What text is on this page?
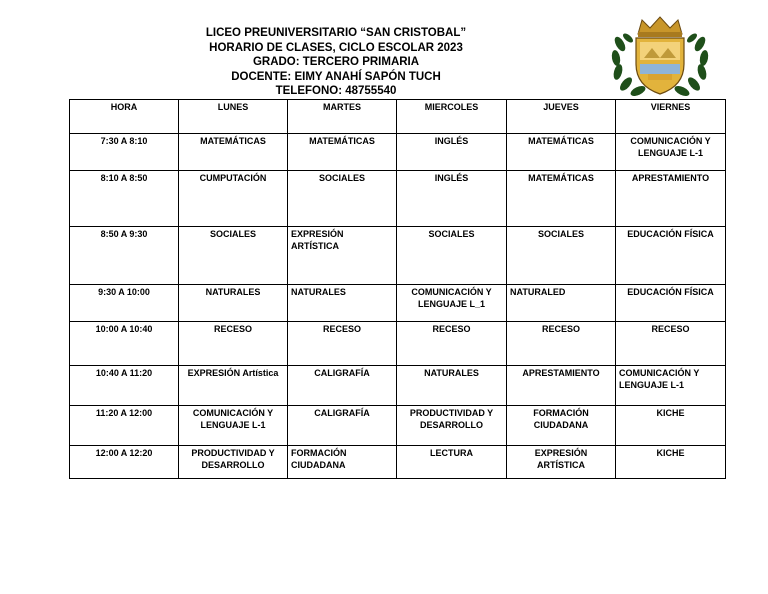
LICEO PREUNIVERSITARIO “SAN CRISTOBAL”
HORARIO DE CLASES, CICLO ESCOLAR 2023
GRADO: TERCERO PRIMARIA
DOCENTE: EIMY ANAHÍ SAPÓN TUCH
TELEFONO: 48755540
HORA	LUNES	MARTES	MIERCOLES	JUEVES	VIERNES
7:30 A 8:10	MATEMÁTICAS	MATEMÁTICAS	INGLÉS	MATEMÁTICAS	COMUNICACIÓN Y LENGUAJE L-1
8:10 A 8:50	CUMPUTACIÓN	SOCIALES	INGLÉS	MATEMÁTICAS	APRESTAMIENTO
8:50 A 9:30	SOCIALES	EXPRESIÓN ARTÍSTICA	SOCIALES	SOCIALES	EDUCACIÓN FÍSICA
9:30 A 10:00	NATURALES	NATURALES	COMUNICACIÓN Y LENGUAJE L_1	NATURALED	EDUCACIÓN FÍSICA
10:00 A 10:40	RECESO	RECESO	RECESO	RECESO	RECESO
10:40 A 11:20	EXPRESIÓN Artística	CALIGRAFÍA	NATURALES	APRESTAMIENTO	COMUNICACIÓN Y LENGUAJE L-1
11:20 A 12:00	COMUNICACIÓN Y LENGUAJE L-1	CALIGRAFÍA	PRODUCTIVIDAD Y DESARROLLO	FORMACIÓN CIUDADANA	KICHE
12:00 A 12:20	PRODUCTIVIDAD Y DESARROLLO	FORMACIÓN CIUDADANA	LECTURA	EXPRESIÓN ARTÍSTICA	KICHE
